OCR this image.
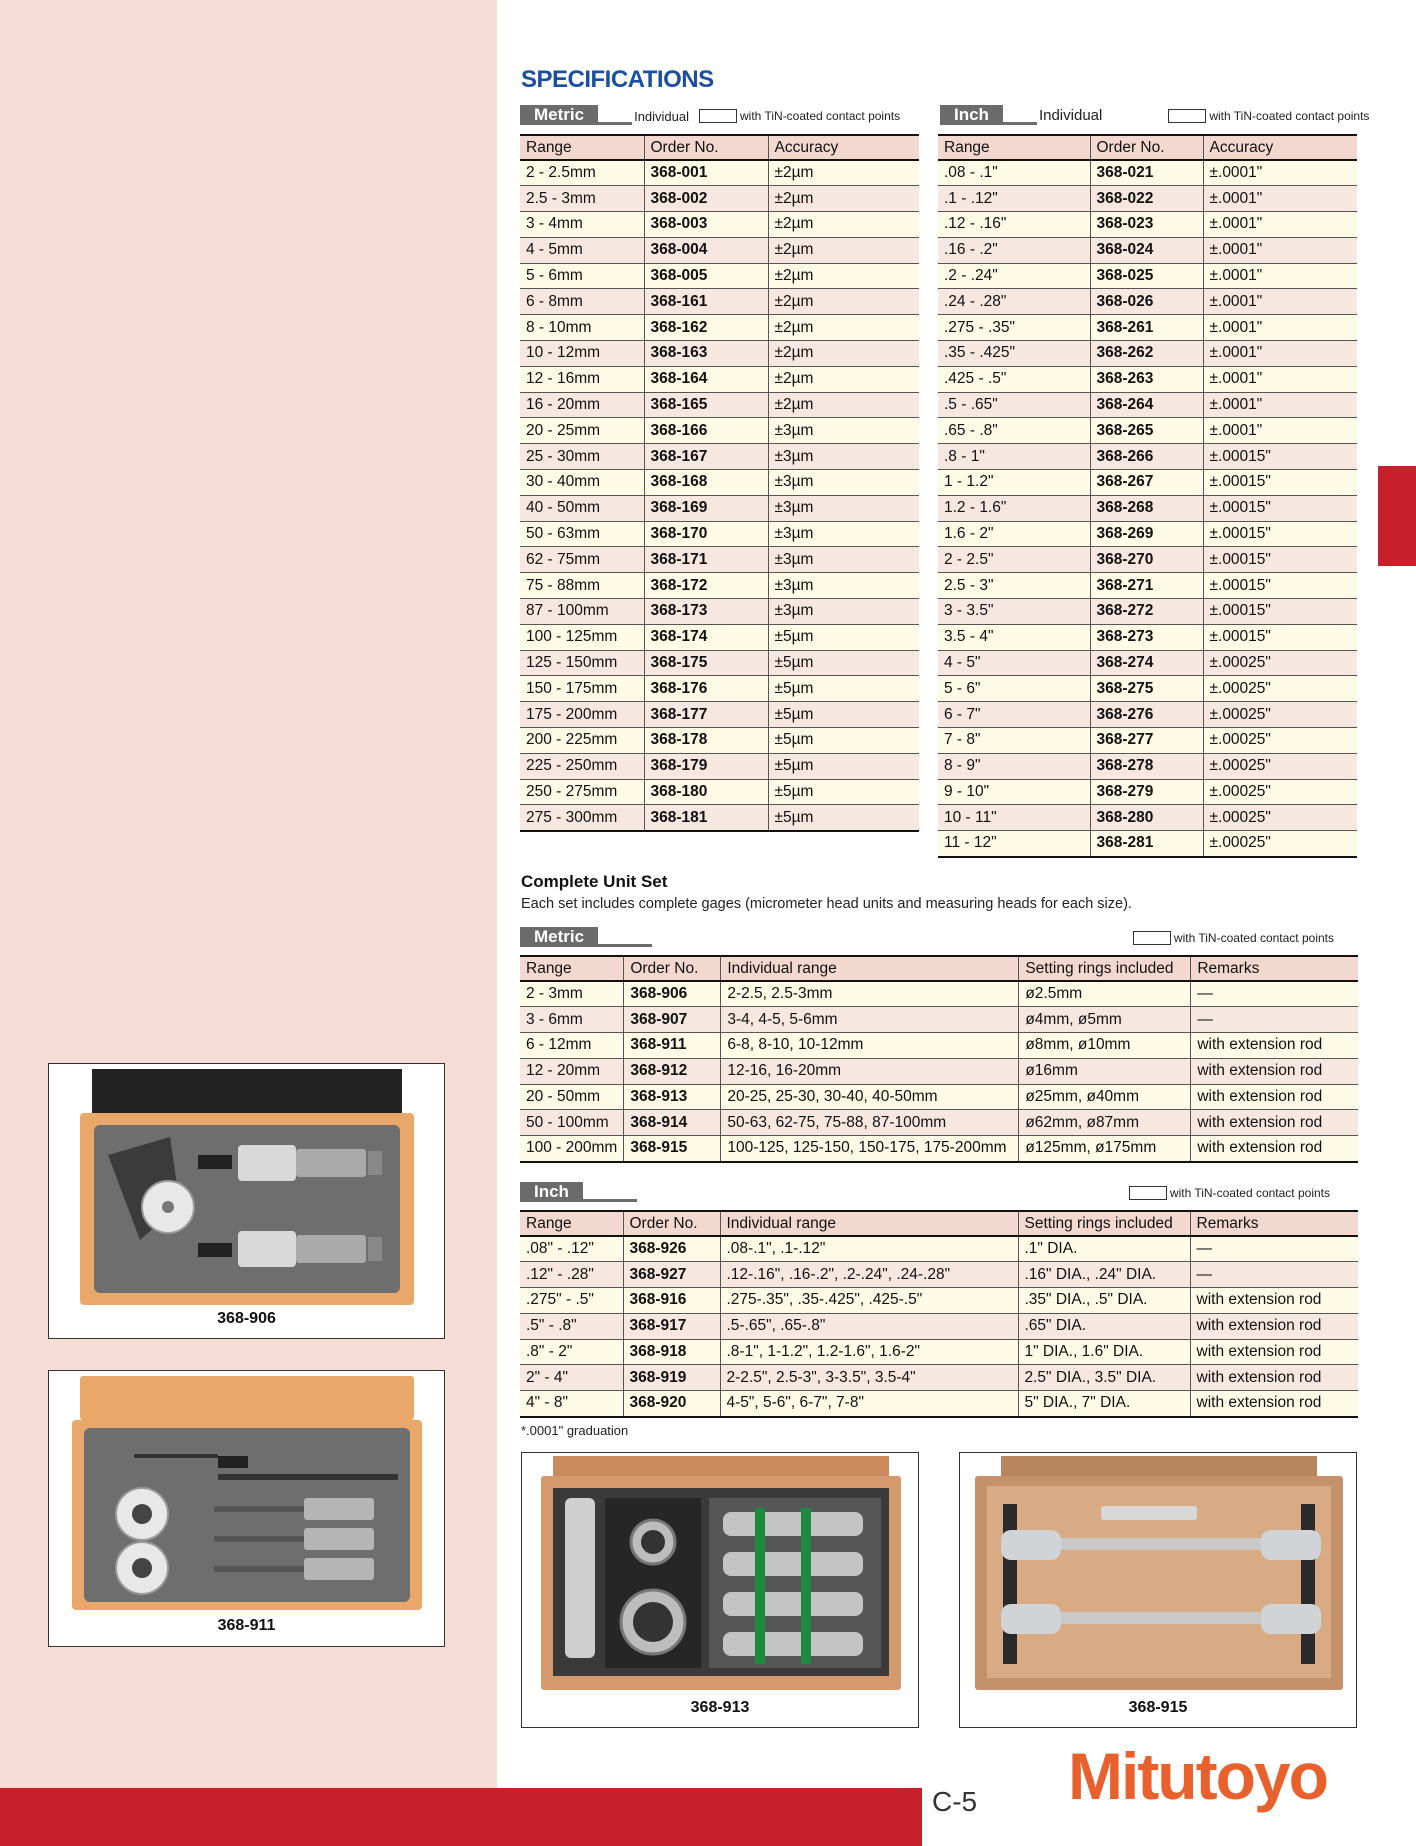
C-5 Mitutoyo
368-906
368-911
368-913	368-915
SPECIFICATIONS
Metric	Individual	with TiN-coated contact points
Range	Order No.	Accuracy
2 - 2.5mm	368-001	±2µm
2.5 - 3mm	368-002	±2µm
3 - 4mm	368-003	±2µm
4 - 5mm	368-004	±2µm
5 - 6mm	368-005	±2µm
6 - 8mm	368-161	±2µm
8 - 10mm	368-162	±2µm
10 - 12mm	368-163	±2µm
12 - 16mm	368-164	±2µm
16 - 20mm	368-165	±2µm
20 - 25mm	368-166	±3µm
25 - 30mm	368-167	±3µm
30 - 40mm	368-168	±3µm
40 - 50mm	368-169	±3µm
50 - 63mm	368-170	±3µm
62 - 75mm	368-171	±3µm
75 - 88mm	368-172	±3µm
87 - 100mm	368-173	±3µm
100 - 125mm	368-174	±5µm
125 - 150mm	368-175	±5µm
150 - 175mm	368-176	±5µm
175 - 200mm	368-177	±5µm
200 - 225mm	368-178	±5µm
225 - 250mm	368-179	±5µm
250 - 275mm	368-180	±5µm
275 - 300mm	368-181	±5µm
Inch	Individual	with TiN-coated contact points
Range	Order No.	Accuracy
.08 - .1"	368-021	±.0001"
.1 - .12"	368-022	±.0001"
.12 - .16"	368-023	±.0001"
.16 - .2"	368-024	±.0001"
.2 - .24"	368-025	±.0001"
.24 - .28"	368-026	±.0001"
.275 - .35"	368-261	±.0001"
.35 - .425"	368-262	±.0001"
.425 - .5"	368-263	±.0001"
.5 - .65"	368-264	±.0001"
.65 - .8"	368-265	±.0001"
.8 - 1"	368-266	±.00015"
1 - 1.2"	368-267	±.00015"
1.2 - 1.6"	368-268	±.00015"
1.6 - 2"	368-269	±.00015"
2 - 2.5"	368-270	±.00015"
2.5 - 3"	368-271	±.00015"
3 - 3.5"	368-272	±.00015"
3.5 - 4"	368-273	±.00015"
4 - 5"	368-274	±.00025"
5 - 6"	368-275	±.00025"
6 - 7"	368-276	±.00025"
7 - 8"	368-277	±.00025"
8 - 9"	368-278	±.00025"
9 - 10"	368-279	±.00025"
10 - 11"	368-280	±.00025"
11 - 12"	368-281	±.00025"
Complete Unit Set
Each set includes complete gages (micrometer head units and measuring heads for each size).
Metric	with TiN-coated contact points
Range	Order No.	Individual range	Setting rings included	Remarks
2 - 3mm	368-906	2-2.5, 2.5-3mm	ø2.5mm	—
3 - 6mm	368-907	3-4, 4-5, 5-6mm	ø4mm, ø5mm	—
6 - 12mm	368-911	6-8, 8-10, 10-12mm	ø8mm, ø10mm	with extension rod
12 - 20mm	368-912	12-16, 16-20mm	ø16mm	with extension rod
20 - 50mm	368-913	20-25, 25-30, 30-40, 40-50mm	ø25mm, ø40mm	with extension rod
50 - 100mm	368-914	50-63, 62-75, 75-88, 87-100mm	ø62mm, ø87mm	with extension rod
100 - 200mm	368-915	100-125, 125-150, 150-175, 175-200mm	ø125mm, ø175mm	with extension rod
Inch	with TiN-coated contact points
Range	Order No.	Individual range	Setting rings included	Remarks
.08" - .12"	368-926	.08-.1", .1-.12"	.1" DIA.	—
.12" - .28"	368-927	.12-.16", .16-.2", .2-.24", .24-.28"	.16" DIA., .24" DIA.	—
.275" - .5"	368-916	.275-.35", .35-.425", .425-.5"	.35" DIA., .5" DIA.	with extension rod
.5" - .8"	368-917	.5-.65", .65-.8"	.65" DIA.	with extension rod
.8" - 2"	368-918	.8-1", 1-1.2", 1.2-1.6", 1.6-2"	1" DIA., 1.6" DIA.	with extension rod
2" - 4"	368-919	2-2.5", 2.5-3", 3-3.5", 3.5-4"	2.5" DIA., 3.5" DIA.	with extension rod
4" - 8"	368-920	4-5", 5-6", 6-7", 7-8"	5" DIA., 7" DIA.	with extension rod
*.0001" graduation
